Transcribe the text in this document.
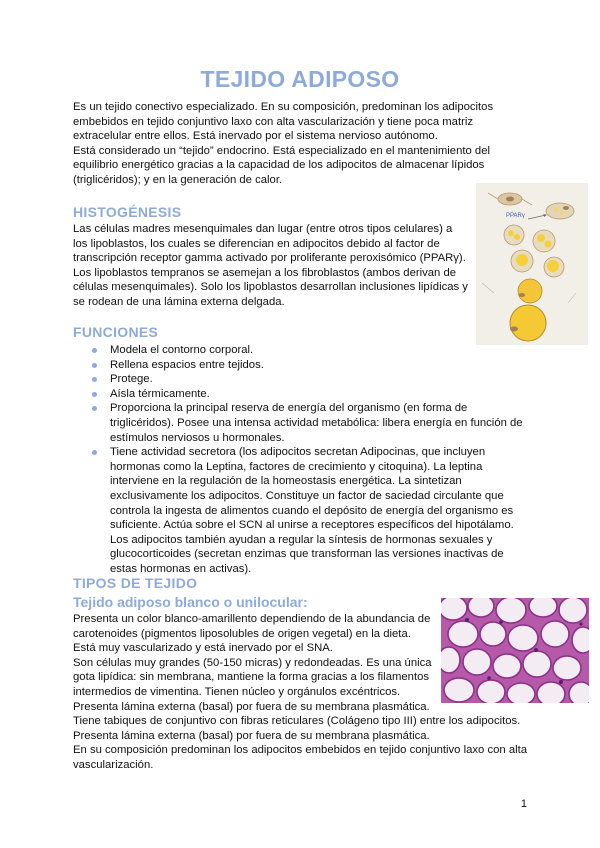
TEJIDO ADIPOSO

Es un tejido conectivo especializado. En su composición, predominan los adipocitos embebidos en tejido conjuntivo laxo con alta vascularización y tiene poca matriz extracelular entre ellos. Está inervado por el sistema nervioso autónomo.

Está considerado un “tejido” endocrino. Está especializado en el mantenimiento del equilibrio energético gracias a la capacidad de los adipocitos de almacenar lípidos (triglicéridos); y en la generación de calor.

HISTOGÉNESIS

Las células madres mesenquimales dan lugar (entre otros tipos celulares) a los lipoblastos, los cuales se diferencian en adipocitos debido al factor de transcripción receptor gamma activado por proliferante peroxisómico (PPARγ). Los lipoblastos tempranos se asemejan a los fibroblastos (ambos derivan de células mesenquimales). Solo los lipoblastos desarrollan inclusiones lipídicas y se rodean de una lámina externa delgada.

PPARγ
FUNCIONES
Modela el contorno corporal.
Rellena espacios entre tejidos.
Protege.
Aísla térmicamente.
Proporciona la principal reserva de energía del organismo (en forma de triglicéridos). Posee una intensa actividad metabólica: libera energía en función de estímulos nerviosos u hormonales.
Tiene actividad secretora (los adipocitos secretan Adipocinas, que incluyen hormonas como la Leptina, factores de crecimiento y citoquina). La leptina interviene en la regulación de la homeostasis energética. La sintetizan exclusivamente los adipocitos. Constituye un factor de saciedad circulante que controla la ingesta de alimentos cuando el depósito de energía del organismo es suficiente. Actúa sobre el SCN al unirse a receptores específicos del hipotálamo. Los adipocitos también ayudan a regular la síntesis de hormonas sexuales y glucocorticoides (secretan enzimas que transforman las versiones inactivas de estas hormonas en activas).
TIPOS DE TEJIDO
Tejido adiposo blanco o unilocular:

Presenta un color blanco-amarillento dependiendo de la abundancia de carotenoides (pigmentos liposolubles de origen vegetal) en la dieta. Está muy vascularizado y está inervado por el SNA.

Son células muy grandes (50-150 micras) y redondeadas. Es una única gota lipídica: sin membrana, mantiene la forma gracias a los filamentos intermedios de vimentina. Tienen núcleo y orgánulos excéntricos.

Presenta lámina externa (basal) por fuera de su membrana plasmática.

Tiene tabiques de conjuntivo con fibras reticulares (Colágeno tipo III) entre los adipocitos.

Presenta lámina externa (basal) por fuera de su membrana plasmática.

En su composición predominan los adipocitos embebidos en tejido conjuntivo laxo con alta vascularización.

1
